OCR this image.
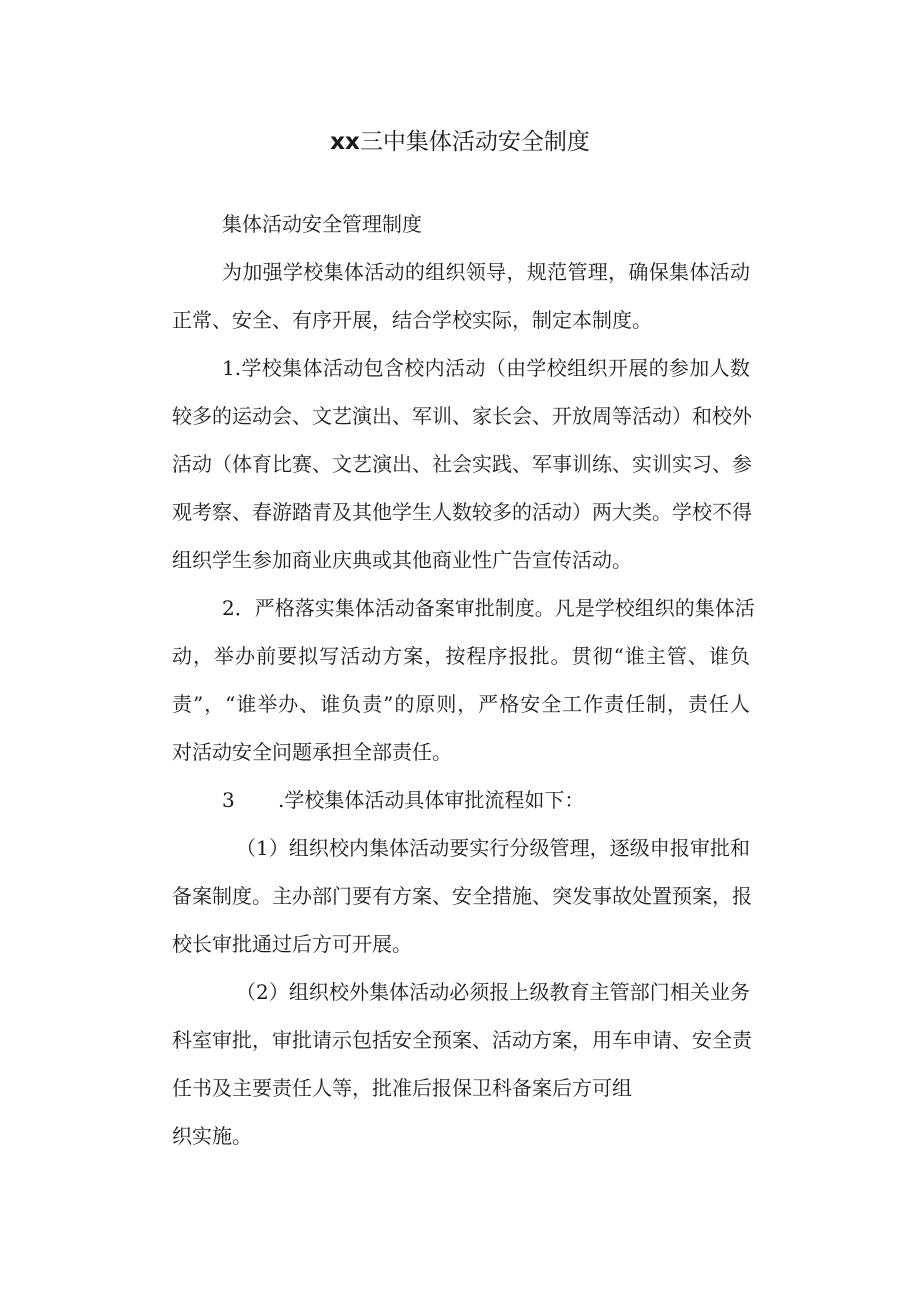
xx三中集体活动安全制度
集体活动安全管理制度
为加强学校集体活动的组织领导，规范管理，确保集体活动
正常、安全、有序开展，结合学校实际，制定本制度。
1.学校集体活动包含校内活动（由学校组织开展的参加人数
较多的运动会、文艺演出、军训、家长会、开放周等活动）和校外
活动（体育比赛、文艺演出、社会实践、军事训练、实训实习、参
观考察、春游踏青及其他学生人数较多的活动）两大类。学校不得
组织学生参加商业庆典或其他商业性广告宣传活动。
2．严格落实集体活动备案审批制度。凡是学校组织的集体活
动，举办前要拟写活动方案，按程序报批。贯彻“谁主管、谁负
责”，“谁举办、谁负责”的原则，严格安全工作责任制，责任人
对活动安全问题承担全部责任。
3 .学校集体活动具体审批流程如下：
（1）组织校内集体活动要实行分级管理，逐级申报审批和
备案制度。主办部门要有方案、安全措施、突发事故处置预案，报
校长审批通过后方可开展。
（2）组织校外集体活动必须报上级教育主管部门相关业务
科室审批，审批请示包括安全预案、活动方案，用车申请、安全责
任书及主要责任人等，批准后报保卫科备案后方可组
织实施。
